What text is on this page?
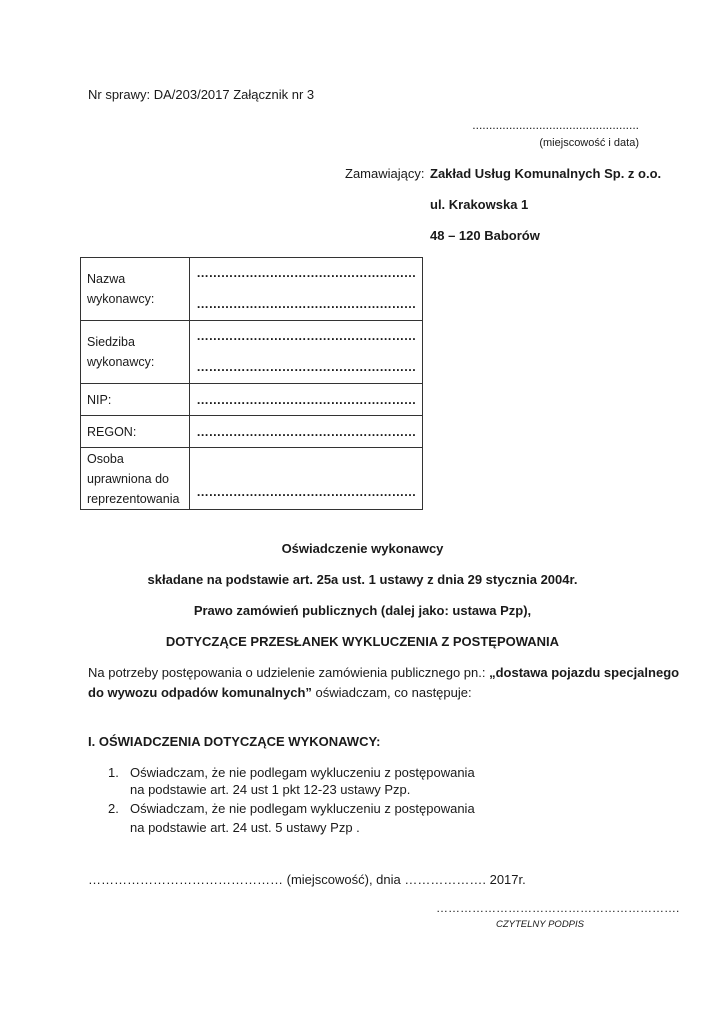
Nr sprawy: DA/203/2017 Załącznik nr 3
..................................................
(miejscowość i data)
Zamawiający: Zakład Usług Komunalnych Sp. z o.o.
ul. Krakowska 1
48 – 120 Baborów
Nazwa wykonawcy:	………………………………………………
………………………………………………

Siedziba wykonawcy:	………………………………………………
………………………………………………

NIP:	………………………………………………
REGON:	………………………………………………
Osoba uprawniona do reprezentowania	………………………………………………
Oświadczenie wykonawcy
składane na podstawie art. 25a ust. 1 ustawy z dnia 29 stycznia 2004r.
Prawo zamówień publicznych (dalej jako: ustawa Pzp),
DOTYCZĄCE PRZESŁANEK WYKLUCZENIA Z POSTĘPOWANIA
Na potrzeby postępowania o udzielenie zamówienia publicznego pn.: „dostawa pojazdu specjalnego
do wywozu odpadów komunalnych” oświadczam, co następuje:
I. OŚWIADCZENIA DOTYCZĄCE WYKONAWCY:
1. Oświadczam, że nie podlegam wykluczeniu z postępowania
na podstawie art. 24 ust 1 pkt 12-23 ustawy Pzp.
2. Oświadczam, że nie podlegam wykluczeniu z postępowania
na podstawie art. 24 ust. 5 ustawy Pzp .
……………………………………… (miejscowość), dnia ………………. 2017r.
…………………………………………………….
CZYTELNY PODPIS
